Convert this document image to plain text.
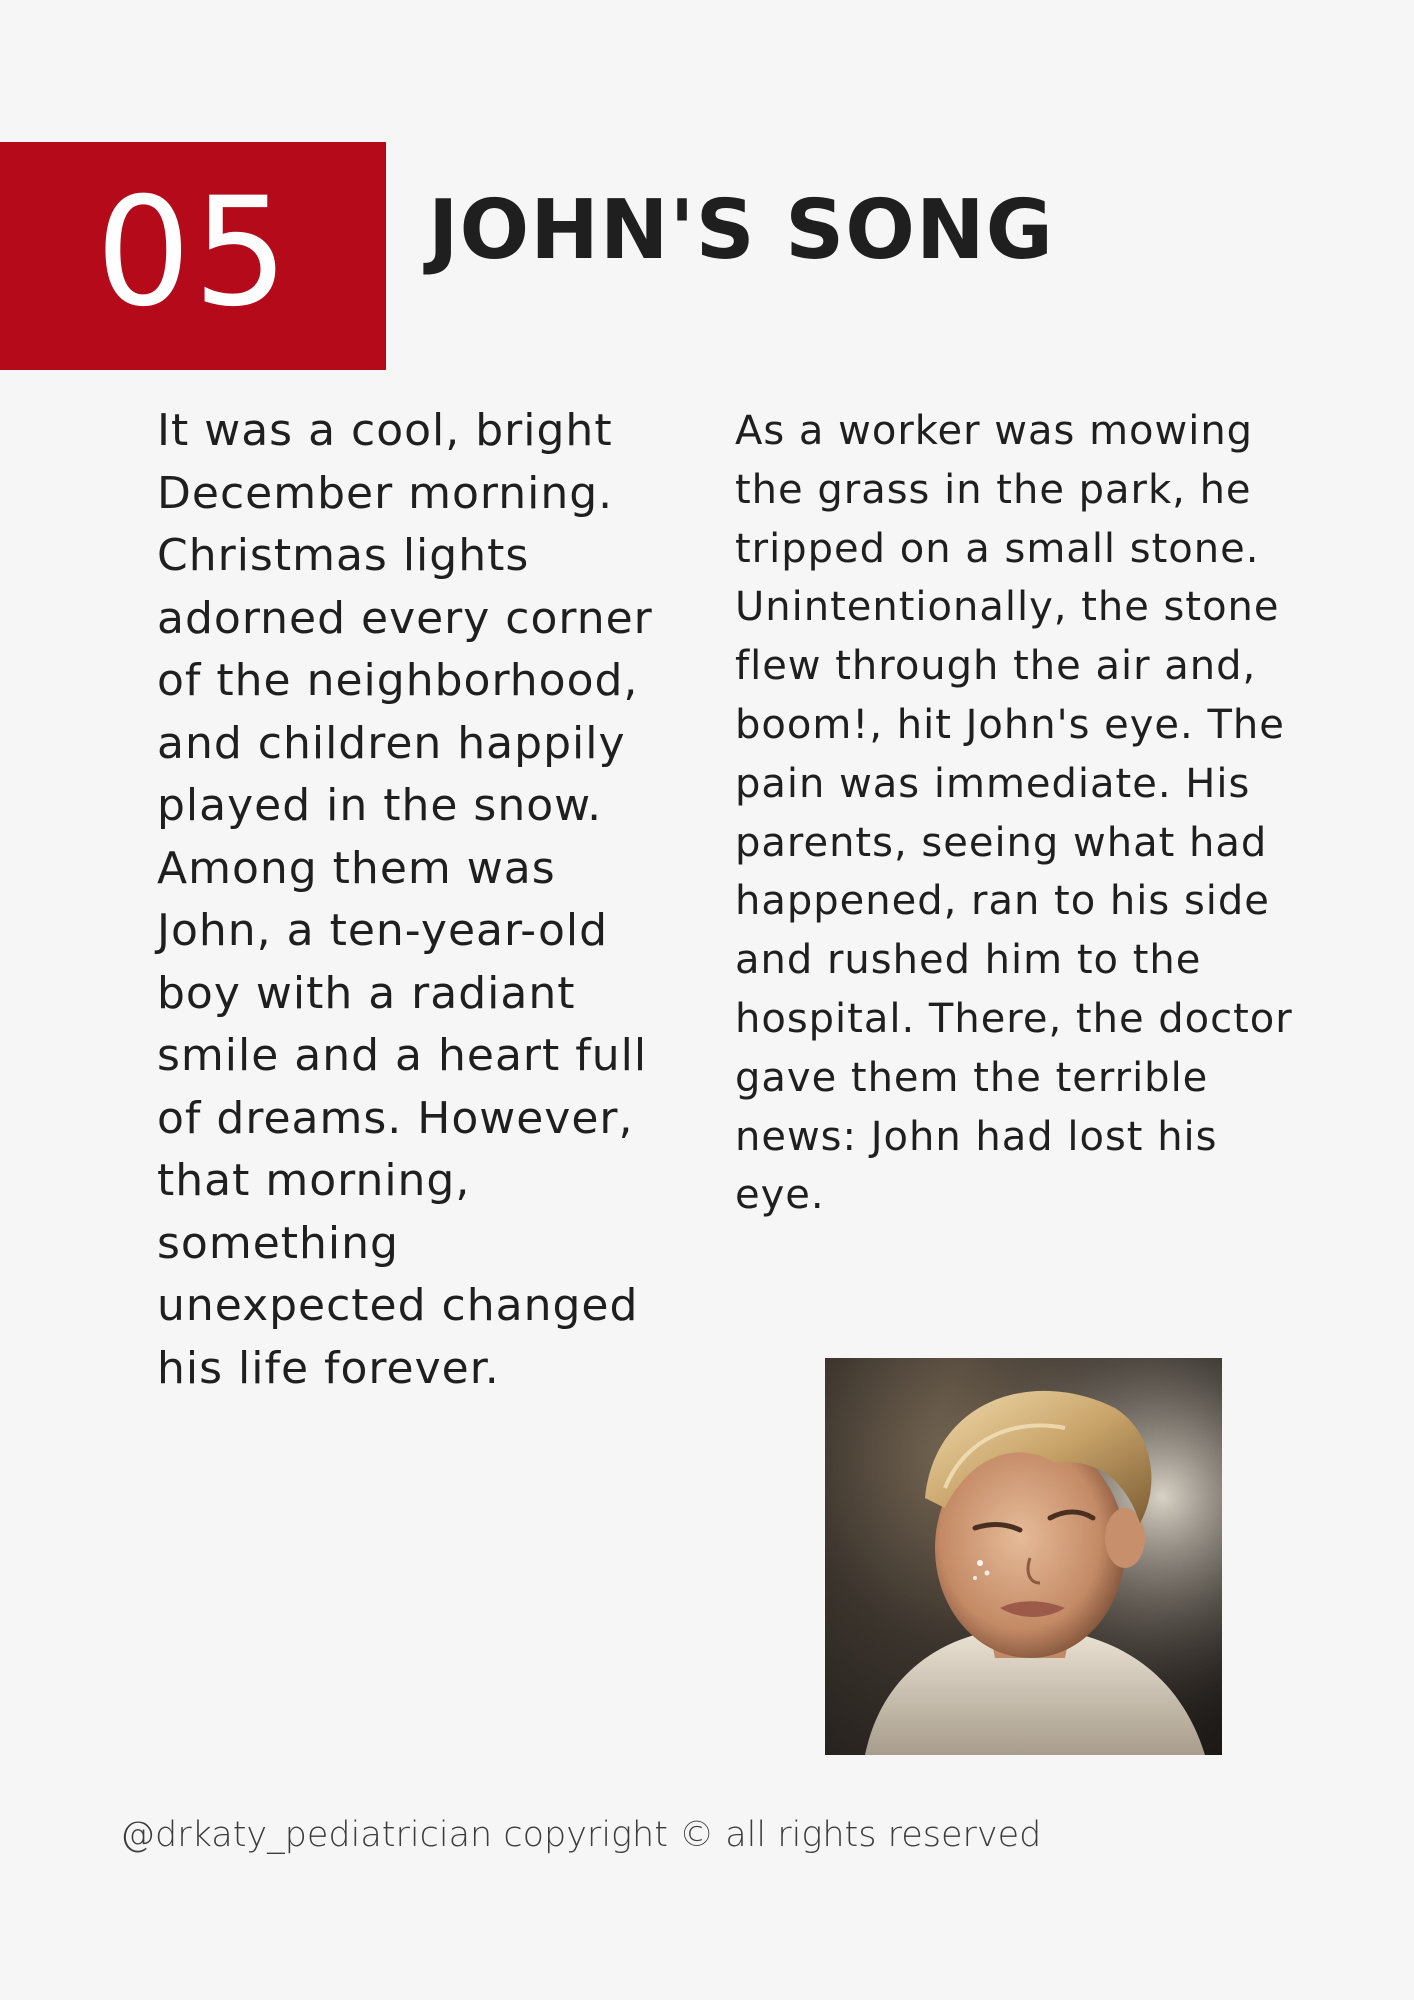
05 JOHN'S SONG

It was a cool, bright December morning. Christmas lights adorned every corner of the neighborhood, and children happily played in the snow. Among them was John, a ten-year-old boy with a radiant smile and a heart full of dreams. However, that morning, something unexpected changed his life forever.

As a worker was mowing the grass in the park, he tripped on a small stone. Unintentionally, the stone flew through the air and, boom!, hit John's eye. The pain was immediate. His parents, seeing what had happened, ran to his side and rushed him to the hospital. There, the doctor gave them the terrible news: John had lost his eye.

@drkaty_pediatrician copyright © all rights reserved
